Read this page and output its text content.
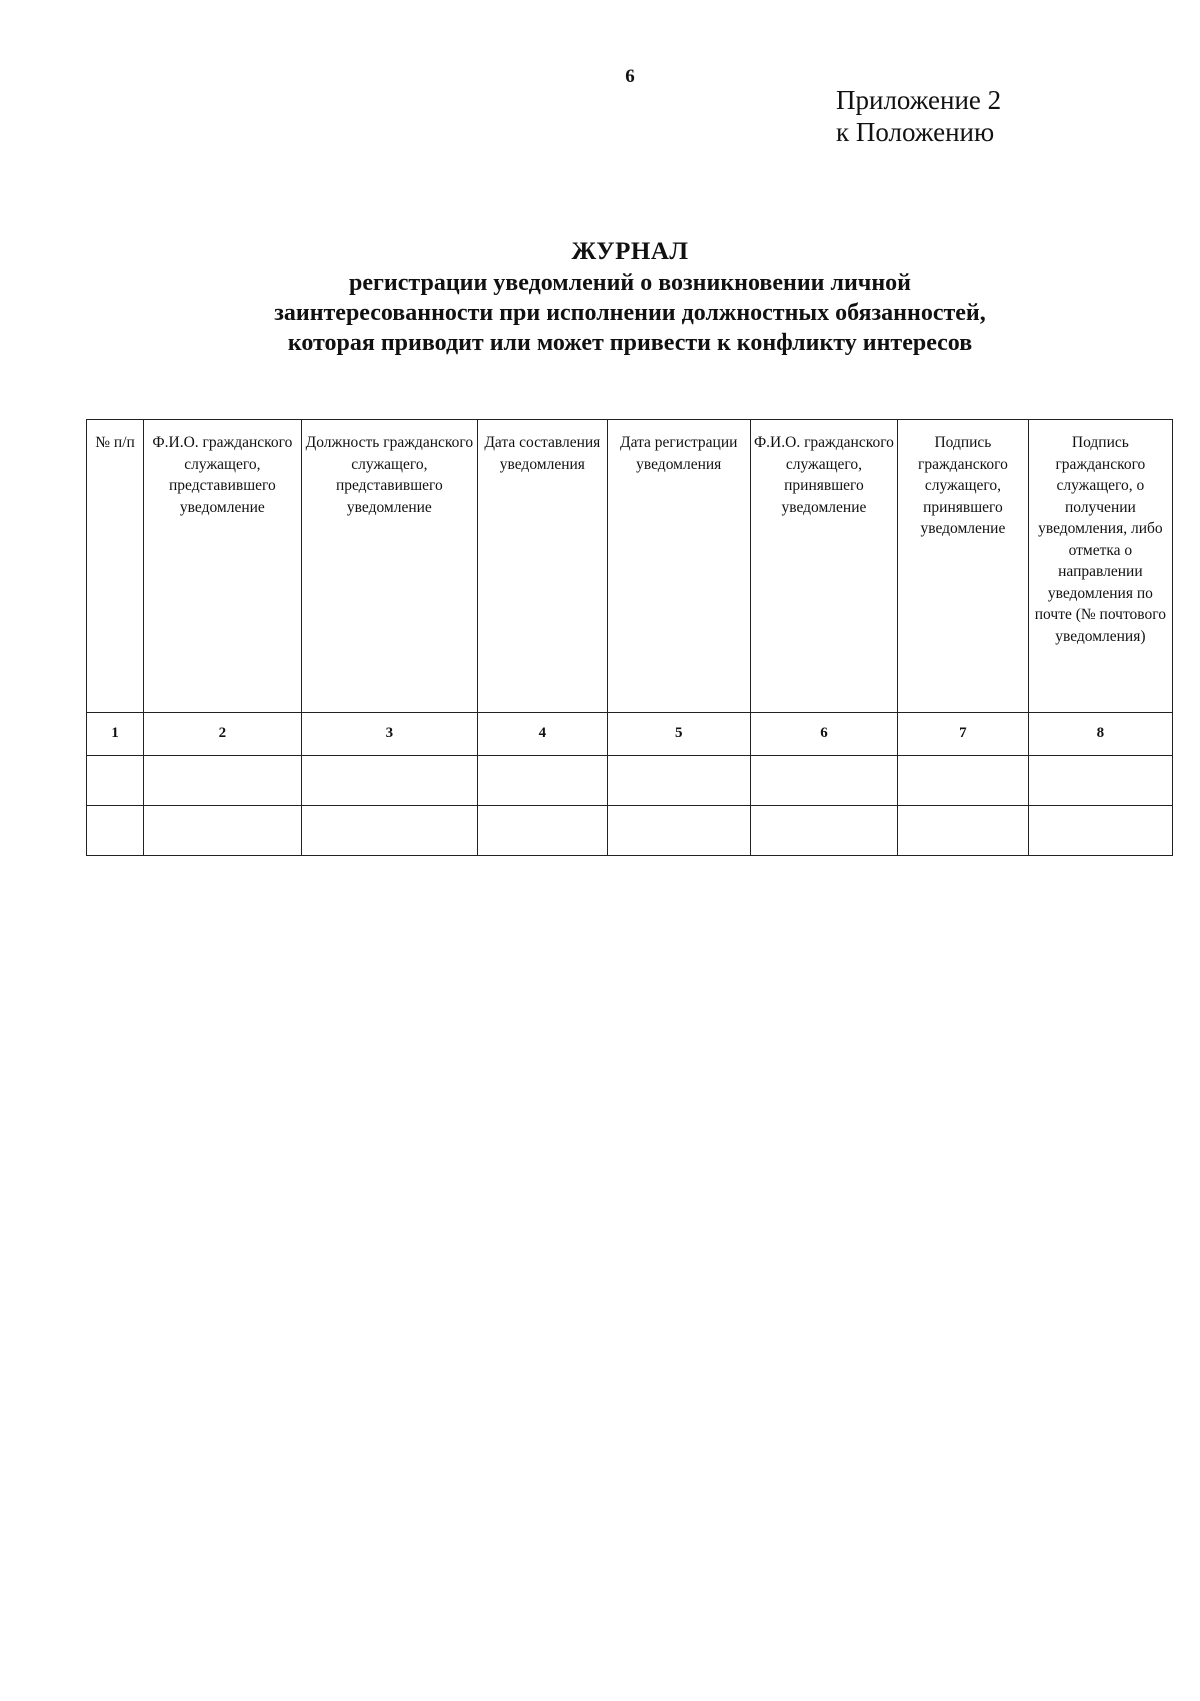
6
Приложение 2
к Положению
ЖУРНАЛ
регистрации уведомлений о возникновении личной
заинтересованности при исполнении должностных обязанностей,
которая приводит или может привести к конфликту интересов
№ п/п	Ф.И.О. гражданского служащего, представившего уведомление	Должность гражданского служащего, представившего уведомление	Дата составления уведомления	Дата регистрации уведомления	Ф.И.О. гражданского служащего, принявшего уведомление	Подпись гражданского служащего, принявшего уведомление	Подпись гражданского служащего, о получении уведомления, либо отметка о направлении уведомления по почте (№ почтового уведомления)
1	2	3	4	5	6	7	8
